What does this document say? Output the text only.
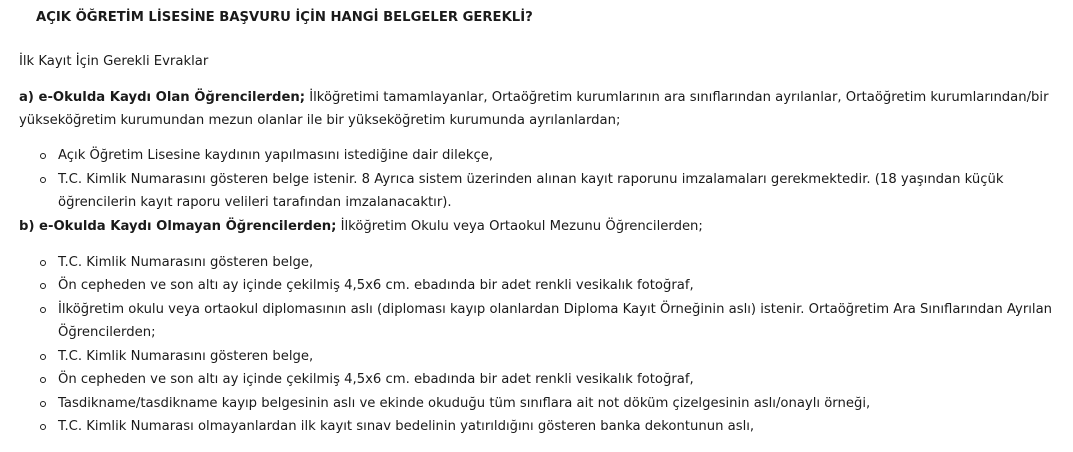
AÇIK ÖĞRETİM LİSESİNE BAŞVURU İÇİN HANGİ BELGELER GEREKLİ?

İlk Kayıt İçin Gerekli Evraklar

a) e-Okulda Kaydı Olan Öğrencilerden; İlköğretimi tamamlayanlar, Ortaöğretim kurumlarının ara sınıflarından ayrılanlar, Ortaöğretim kurumlarından/bir yükseköğretim kurumundan mezun olanlar ile bir yükseköğretim kurumunda ayrılanlardan;

Açık Öğretim Lisesine kaydının yapılmasını istediğine dair dilekçe,
T.C. Kimlik Numarasını gösteren belge istenir. 8 Ayrıca sistem üzerinden alınan kayıt raporunu imzalamaları gerekmektedir. (18 yaşından küçük öğrencilerin kayıt raporu velileri tarafından imzalanacaktır).

b) e-Okulda Kaydı Olmayan Öğrencilerden; İlköğretim Okulu veya Ortaokul Mezunu Öğrencilerden;

T.C. Kimlik Numarasını gösteren belge,
Ön cepheden ve son altı ay içinde çekilmiş 4,5x6 cm. ebadında bir adet renkli vesikalık fotoğraf,
İlköğretim okulu veya ortaokul diplomasının aslı (diploması kayıp olanlardan Diploma Kayıt Örneğinin aslı) istenir. Ortaöğretim Ara Sınıflarından Ayrılan Öğrencilerden;
T.C. Kimlik Numarasını gösteren belge,
Ön cepheden ve son altı ay içinde çekilmiş 4,5x6 cm. ebadında bir adet renkli vesikalık fotoğraf,
Tasdikname/tasdikname kayıp belgesinin aslı ve ekinde okuduğu tüm sınıflara ait not döküm çizelgesinin aslı/onaylı örneği,
T.C. Kimlik Numarası olmayanlardan ilk kayıt sınav bedelinin yatırıldığını gösteren banka dekontunun aslı,
